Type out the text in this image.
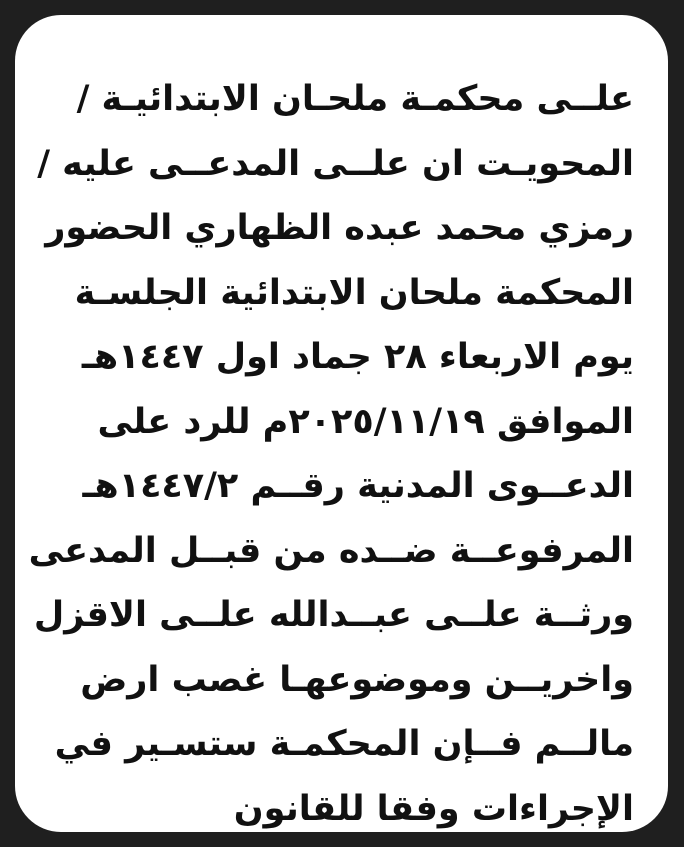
علــى محكمـة ملحـان الابتدائيـة /
المحويـت ان علــى المدعــى عليه /
رمزي محمد عبده الظهاري الحضور
المحكمة ملحان الابتدائية الجلسـة
يوم الاربعاء ٢٨ جماد اول ١٤٤٧هـ
الموافق ٢٠٢٥/١١/١٩م للرد على
الدعــوى المدنية رقــم ١٤٤٧/٢هـ
المرفوعــة ضــده من قبــل المدعى
ورثــة علــى عبــدالله علــى الاقزل
واخريــن وموضوعهـا غصب ارض
مالــم فــإن المحكمـة ستسـير في
الإجراءات وفقا للقانون
